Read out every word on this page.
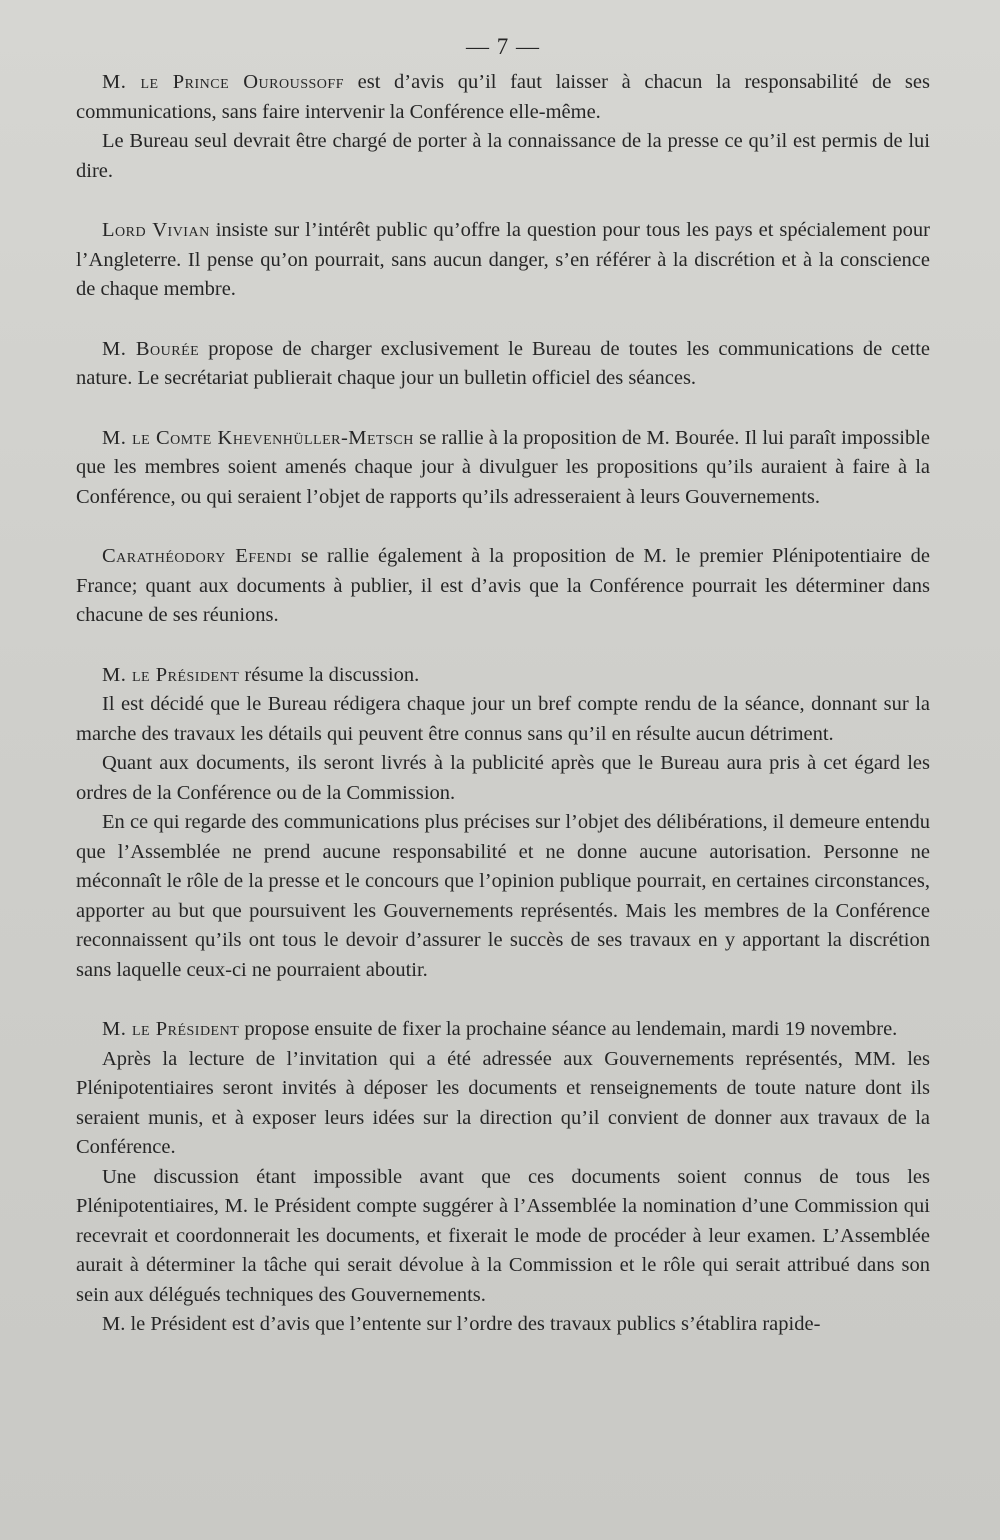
— 7 —

M. le Prince Ouroussoff est d’avis qu’il faut laisser à chacun la responsabilité de ses communications, sans faire intervenir la Conférence elle-même.

Le Bureau seul devrait être chargé de porter à la connaissance de la presse ce qu’il est permis de lui dire.

Lord Vivian insiste sur l’intérêt public qu’offre la question pour tous les pays et spécialement pour l’Angleterre. Il pense qu’on pourrait, sans aucun danger, s’en référer à la discrétion et à la conscience de chaque membre.

M. Bourée propose de charger exclusivement le Bureau de toutes les communications de cette nature. Le secrétariat publierait chaque jour un bulletin officiel des séances.

M. le Comte Khevenhüller-Metsch se rallie à la proposition de M. Bourée. Il lui paraît impossible que les membres soient amenés chaque jour à divulguer les propositions qu’ils auraient à faire à la Conférence, ou qui seraient l’objet de rapports qu’ils adresseraient à leurs Gouvernements.

Carathéodory Efendi se rallie également à la proposition de M. le premier Plénipotentiaire de France; quant aux documents à publier, il est d’avis que la Conférence pourrait les déterminer dans chacune de ses réunions.

M. le Président résume la discussion.

Il est décidé que le Bureau rédigera chaque jour un bref compte rendu de la séance, donnant sur la marche des travaux les détails qui peuvent être connus sans qu’il en résulte aucun détriment.

Quant aux documents, ils seront livrés à la publicité après que le Bureau aura pris à cet égard les ordres de la Conférence ou de la Commission.

En ce qui regarde des communications plus précises sur l’objet des délibérations, il demeure entendu que l’Assemblée ne prend aucune responsabilité et ne donne aucune autorisation. Personne ne méconnaît le rôle de la presse et le concours que l’opinion publique pourrait, en certaines circonstances, apporter au but que poursuivent les Gouvernements représentés. Mais les membres de la Conférence reconnaissent qu’ils ont tous le devoir d’assurer le succès de ses travaux en y apportant la discrétion sans laquelle ceux-ci ne pourraient aboutir.

M. le Président propose ensuite de fixer la prochaine séance au lendemain, mardi 19 novembre.

Après la lecture de l’invitation qui a été adressée aux Gouvernements représentés, MM. les Plénipotentiaires seront invités à déposer les documents et renseignements de toute nature dont ils seraient munis, et à exposer leurs idées sur la direction qu’il convient de donner aux travaux de la Conférence.

Une discussion étant impossible avant que ces documents soient connus de tous les Plénipotentiaires, M. le Président compte suggérer à l’Assemblée la nomination d’une Commission qui recevrait et coordonnerait les documents, et fixerait le mode de procéder à leur examen. L’Assemblée aurait à déterminer la tâche qui serait dévolue à la Commission et le rôle qui serait attribué dans son sein aux délégués techniques des Gouvernements.

M. le Président est d’avis que l’entente sur l’ordre des travaux publics s’établira rapide-
